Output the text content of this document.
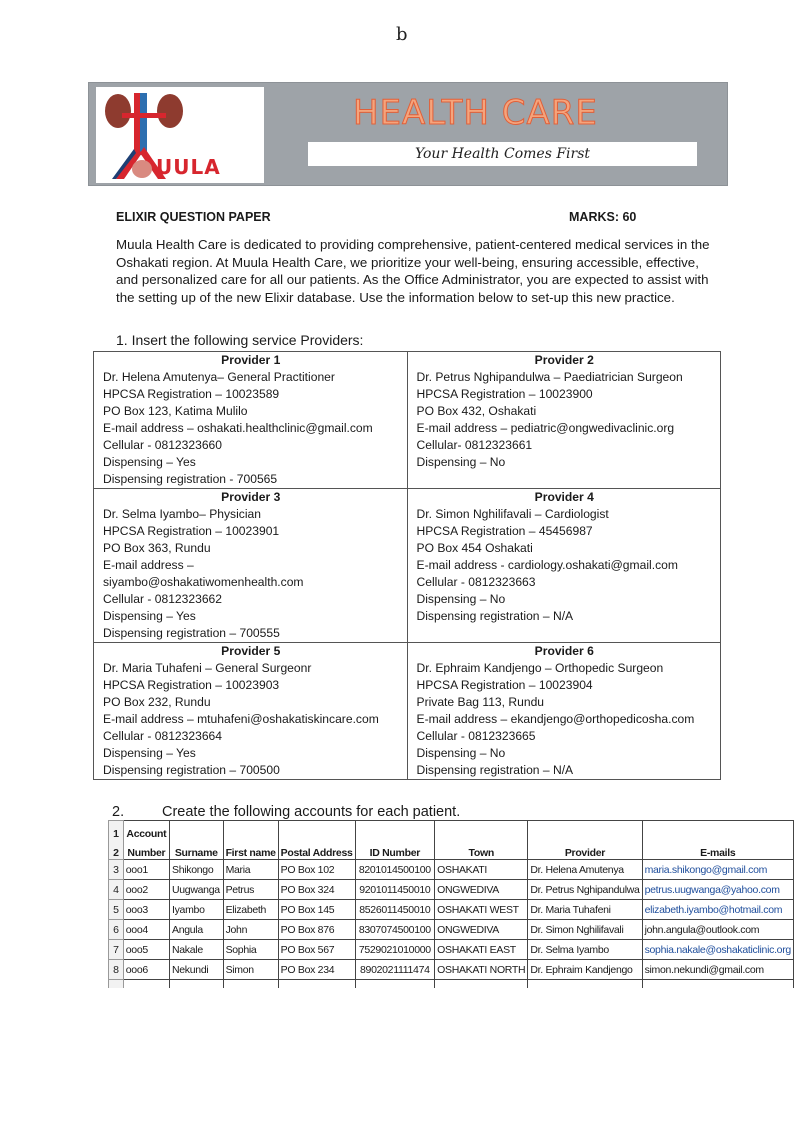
b
UULA
HEALTH CARE
Your Health Comes First
ELIXIR QUESTION PAPER	MARKS: 60
Muula Health Care is dedicated to providing comprehensive, patient-centered medical services in the Oshakati region. At Muula Health Care, we prioritize your well-being, ensuring accessible, effective, and personalized care for all our patients. As the Office Administrator, you are expected to assist with the setting up of the new Elixir database. Use the information below to set-up this new practice.
1. Insert the following service Providers:
Provider 1
Dr. Helena Amutenya– General Practitioner
HPCSA Registration – 10023589
PO Box 123, Katima Mulilo
E-mail address – oshakati.healthclinic@gmail.com
Cellular - 0812323660
Dispensing – Yes
Dispensing registration - 700565

Provider 2
Dr. Petrus Nghipandulwa – Paediatrician Surgeon
HPCSA Registration – 10023900
PO Box 432, Oshakati
E-mail address – pediatric@ongwedivaclinic.org
Cellular- 0812323661
Dispensing – No

Provider 3
Dr. Selma Iyambo– Physician
HPCSA Registration – 10023901
PO Box 363, Rundu
E-mail address –
siyambo@oshakatiwomenhealth.com
Cellular - 0812323662
Dispensing – Yes
Dispensing registration – 700555

Provider 4
Dr. Simon Nghilifavali – Cardiologist
HPCSA Registration – 45456987
PO Box 454 Oshakati
E-mail address - cardiology.oshakati@gmail.com
Cellular - 0812323663
Dispensing – No
Dispensing registration – N/A

Provider 5
Dr. Maria Tuhafeni – General Surgeonr
HPCSA Registration – 10023903
PO Box 232, Rundu
E-mail address – mtuhafeni@oshakatiskincare.com
Cellular - 0812323664
Dispensing – Yes
Dispensing registration – 700500

Provider 6
Dr. Ephraim Kandjengo – Orthopedic Surgeon
HPCSA Registration – 10023904
Private Bag 113, Rundu
E-mail address – ekandjengo@orthopedicosha.com
Cellular - 0812323665
Dispensing – No
Dispensing registration – N/A
2.	Create the following accounts for each patient.
1	Account							
2	Number	Surname	First name	Postal Address	ID Number	Town	Provider	E-mails
3	ooo1	Shikongo	Maria	PO Box 102	8201014500100	OSHAKATI	Dr. Helena Amutenya	maria.shikongo@gmail.com
4	ooo2	Uugwanga	Petrus	PO Box 324	9201011450010	ONGWEDIVA	Dr. Petrus Nghipandulwa	petrus.uugwanga@yahoo.com
5	ooo3	Iyambo	Elizabeth	PO Box 145	8526011450010	OSHAKATI WEST	Dr. Maria Tuhafeni	elizabeth.iyambo@hotmail.com
6	ooo4	Angula	John	PO Box 876	8307074500100	ONGWEDIVA	Dr. Simon Nghilifavali	john.angula@outlook.com
7	ooo5	Nakale	Sophia	PO Box 567	7529021010000	OSHAKATI EAST	Dr. Selma Iyambo	sophia.nakale@oshakaticlinic.org
8	ooo6	Nekundi	Simon	PO Box 234	8902021111474	OSHAKATI NORTH	Dr. Ephraim Kandjengo	simon.nekundi@gmail.com
